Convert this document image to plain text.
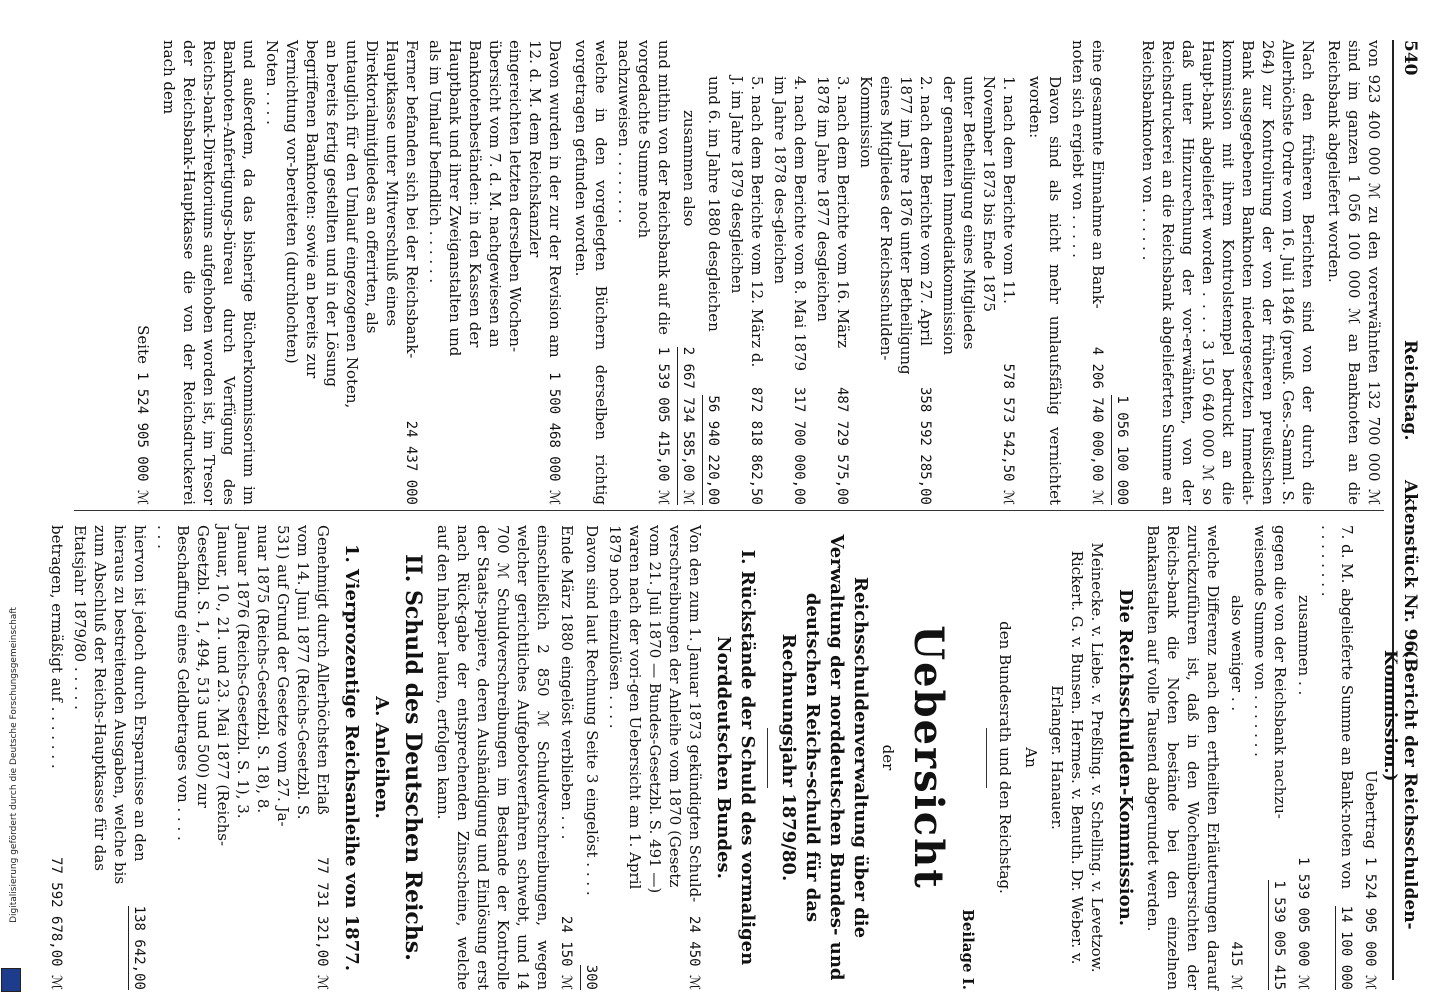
Digitalisierung gefördert durch die Deutsche Forschungsgemeinschaft
540
Reichstag.
Aktenstück Nr. 96.
(Bericht der Reichsschulden-Kommission.)

von 923 400 000 ℳ zu den vorerwähnten 132 700 000 ℳ sind im ganzen 1 056 100 000 ℳ an Banknoten an die Reichsbank abgeliefert worden.

Nach den früheren Berichten sind von der durch die Allerhöchste Ordre vom 16. Juli 1846 (preuß. Ges.-Samml. S. 264) zur Kontrolirung der von der früheren preußischen Bank ausgegebenen Banknoten niedergesetzten Immediat-kommission mit ihrem Kontrolstempel bedruckt an die Haupt-bank abgeliefert worden . . . . 3 150 640 000 ℳ so daß unter Hinzurechnung der vor-erwähnten, von der Reichsdruckerei an die Reichsbank abgelieferten Summe an Reichsbanknoten von . . . . . .

1 056 100 000
eine gesammte Einnahme an Bank-noten sich ergiebt von . . . . .
4 206 740 000,00 ℳ

Davon sind als nicht mehr umlaufsfähig vernichtet worden:

1. nach dem Berichte vom 11. November 1873 bis Ende 1875 unter Betheiligung eines Mitgliedes der genannten Immediatkommission
578 573 542,50 ℳ
2. nach dem Berichte vom 27. April 1877 im Jahre 1876 unter Betheiligung eines Mitgliedes der Reichsschulden-Kommission
358 592 285,00
3. nach dem Berichte vom 16. März 1878 im Jahre 1877 desgleichen
487 729 575,00
4. nach dem Berichte vom 8. Mai 1879 im Jahre 1878 des-gleichen
317 700 000,00
5. nach dem Berichte vom 12. März d. J. im Jahre 1879 desgleichen
872 818 862,50
und 6. im Jahre 1880 desgleichen
56 940 220,00
zusammen also
2 667 734 585,00 ℳ
und mithin von der Reichsbank auf die vorgedachte Summe noch nachzuweisen . . . . . . . .
1 539 005 415,00 ℳ

welche in den vorgelegten Büchern derselben richtig vorgetragen gefunden worden.

Davon wurden in der zur der Revision am 12. d. M. dem Reichskanzler eingereichten letzten derselben Wochen-übersicht vom 7. d. M. nachgewiesen an Banknotenbeständen: in den Kassen der Hauptbank und ihrer Zweiganstalten und als im Umlauf befindlich . . . . . .
1 500 468 000 ℳ
Ferner befanden sich bei der Reichsbank-Hauptkasse unter Mitverschluß eines Direktorialmitgliedes an offerirten, als untauglich für den Umlauf eingezogenen Noten, an bereits fertig gestellten und in der Lösung begriffenen Banknoten: sowie an bereits zur Vernichtung vor-bereiteten (durchlochten) Noten . . . .
24 437 000

und außerdem, da das bisherige Bücherkommissorium im Banknoten-Anfertigungs-büreau durch Verfügung des Reichs-bank-Direktoriums aufgehoben worden ist, im Tresor der Reichsbank-Hauptkasse die von der Reichsdruckerei nach dem

Seite
1 524 905 000 ℳ
Uebertrag
1 524 905 000 ℳ
7. d. M. abgelieferte Summe an Bank-noten von . . . . . . . .
14 100 000
zusammen . .
1 539 005 000 ℳ
gegen die von der Reichsbank nachzu-weisende Summe von . . . . . . .
1 539 005 415
also weniger . .
415 ℳ

welche Differenz nach den ertheilten Erläuterungen darauf zurückzuführen ist, daß in den Wochenübersichten der Reichs-bank die Noten bestände bei den einzelnen Bankanstalten auf volle Tausend abgerundet werden.

Die Reichsschulden-Kommission.

Meinecke. v. Liebe. v. Preßling. v. Schelling. v. Levetzow. Rickert. G. v. Bunsen. Hermes. v. Benuth. Dr. Weber. v. Erlanger. Hanauer.

An

den Bundesrath und den Reichstag.

Beilage I.

Uebersicht

der

Reichsschuldenverwaltung über die Verwaltung der norddeutschen Bundes- und deutschen Reichs-schuld für das Rechnungsjahr 1879/80.

I. Rückstände der Schuld des vormaligen Norddeutschen Bundes.

Von den zum 1. Januar 1873 gekündigten Schuld-verschreibungen der Anleihe vom 1870 (Gesetz vom 21. Juli 1870 — Bundes-Gesetzbl. S. 491 —) waren nach der vori-gen Uebersicht am 1. April 1879 noch einzulösen . . . .
24 450 ℳ
Davon sind laut Rechnung Seite 3 eingelöst . . . .
300
Ende März 1880 eingelöst verblieben . . .
24 150 ℳ

einschließlich 2 850 ℳ Schuldverschreibungen, wegen welcher gerichtliches Aufgebotsverfahren schwebt, und 14 700 ℳ Schuldverschreibungen im Bestande der Kontrolle der Staats-papiere, deren Aushändigung und Einlösung erst nach Rück-gabe der entsprechenden Zinsscheine, welche auf den Inhaber lauten, erfolgen kann.

II. Schuld des Deutschen Reichs.

A. Anleihen.

1. Vierprozentige Reichsanleihe von 1877.

Genehmigt durch Allerhöchsten Erlaß vom 14. Juni 1877 (Reichs-Gesetzbl. S. 531) auf Grund der Gesetze vom 27. Ja-nuar 1875 (Reichs-Gesetzbl. S. 18), 8. Januar 1876 (Reichs-Gesetzbl. S. 1), 3. Januar, 10., 21. und 23. Mai 1877 (Reichs-Gesetzbl. S. 1, 494, 513 und 500) zur Beschaffung eines Geldbetrages von . . . . . . .
77 731 321,00 ℳ
hiervon ist jedoch durch Ersparnisse an den hieraus zu bestreitenden Ausgaben, welche bis zum Abschluß der Reichs-Hauptkasse für das Etatsjahr 1879/80 . . . . .
138 642,00
betragen, ermäßigt auf . . . . . . .
77 592 678,00 ℳ
